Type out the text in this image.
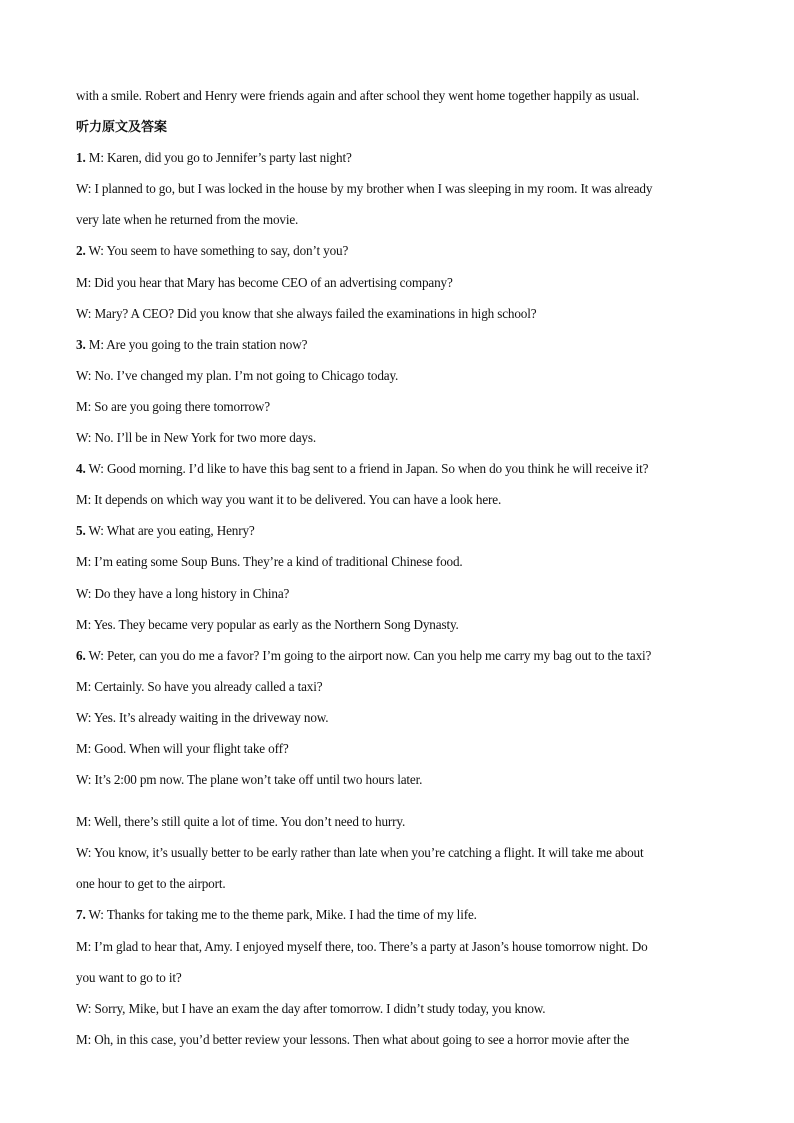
with a smile. Robert and Henry were friends again and after school they went home together happily as usual.
听力原文及答案
1. M: Karen, did you go to Jennifer’s party last night?
W: I planned to go, but I was locked in the house by my brother when I was sleeping in my room. It was already
very late when he returned from the movie.
2. W: You seem to have something to say, don’t you?
M: Did you hear that Mary has become CEO of an advertising company?
W: Mary? A CEO? Did you know that she always failed the examinations in high school?
3. M: Are you going to the train station now?
W: No. I’ve changed my plan. I’m not going to Chicago today.
M: So are you going there tomorrow?
W: No. I’ll be in New York for two more days.
4. W: Good morning. I’d like to have this bag sent to a friend in Japan. So when do you think he will receive it?
M: It depends on which way you want it to be delivered. You can have a look here.
5. W: What are you eating, Henry?
M: I’m eating some Soup Buns. They’re a kind of traditional Chinese food.
W: Do they have a long history in China?
M: Yes. They became very popular as early as the Northern Song Dynasty.
6. W: Peter, can you do me a favor? I’m going to the airport now. Can you help me carry my bag out to the taxi?
M: Certainly. So have you already called a taxi?
W: Yes. It’s already waiting in the driveway now.
M: Good. When will your flight take off?
W: It’s 2:00 pm now. The plane won’t take off until two hours later.
M: Well, there’s still quite a lot of time. You don’t need to hurry.
W: You know, it’s usually better to be early rather than late when you’re catching a flight. It will take me about
one hour to get to the airport.
7. W: Thanks for taking me to the theme park, Mike. I had the time of my life.
M: I’m glad to hear that, Amy. I enjoyed myself there, too. There’s a party at Jason’s house tomorrow night. Do
you want to go to it?
W: Sorry, Mike, but I have an exam the day after tomorrow. I didn’t study today, you know.
M: Oh, in this case, you’d better review your lessons. Then what about going to see a horror movie after the
